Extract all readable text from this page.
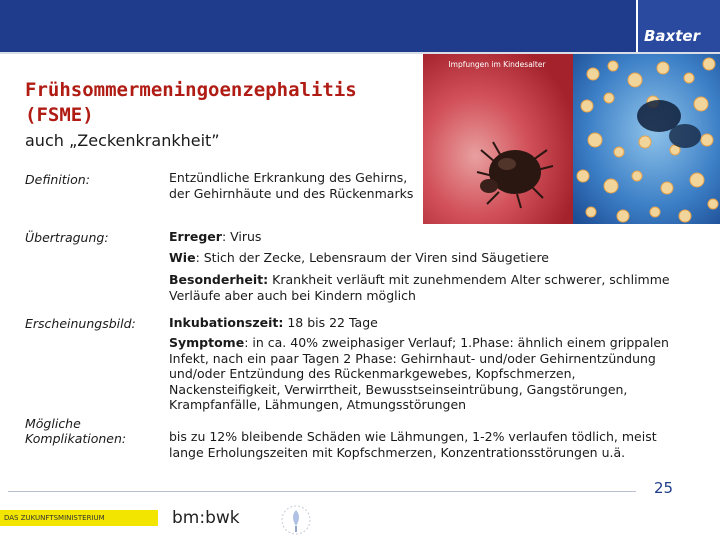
Baxter
Impfungen im Kindesalter
Frühsommermeningoenzephalitis
(FSME)
auch „Zeckenkrankheit”
Definition:	Entzündliche Erkrankung des Gehirns, der Gehirnhäute und des Rückenmarks
Übertragung:	Erreger: Virus
Wie: Stich der Zecke, Lebensraum der Viren sind Säugetiere
Besonderheit: Krankheit verläuft mit zunehmendem Alter schwerer, schlimme Verläufe aber auch bei Kindern möglich
Erscheinungsbild:	Inkubationszeit: 18 bis 22 Tage
Symptome: in ca. 40% zweiphasiger Verlauf; 1.Phase: ähnlich einem grippalen Infekt, nach ein paar Tagen 2 Phase: Gehirnhaut- und/oder Gehirnentzündung und/oder Entzündung des Rückenmarkgewebes, Kopfschmerzen, Nackensteifigkeit, Verwirrtheit, Bewusstseinseintrübung, Gangstörungen, Krampfanfälle, Lähmungen, Atmungsstörungen
Mögliche
Komplikationen:	bis zu 12% bleibende Schäden wie Lähmungen, 1-2% verlaufen tödlich, meist lange Erholungszeiten mit Kopfschmerzen, Konzentrationsstörungen u.ä.
25
DAS ZUKUNFTSMINISTERIUM	bm:bwk
